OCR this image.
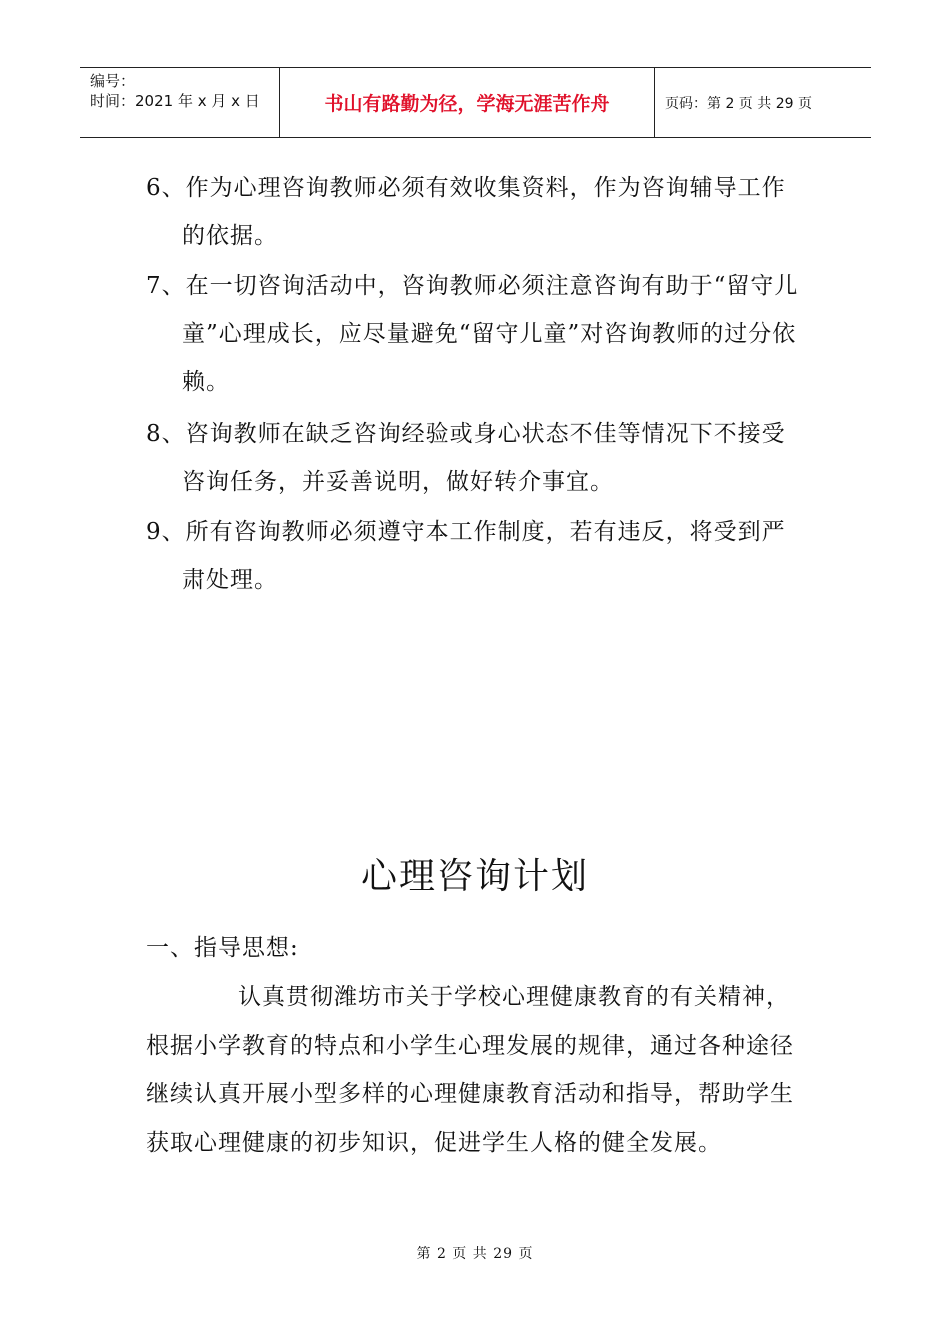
编号：
时间：2021 年 x 月 x 日	书山有路勤为径，学海无涯苦作舟	页码：第 2 页 共 29 页
6、作为心理咨询教师必须有效收集资料，作为咨询辅导工作的依据。
7、在一切咨询活动中，咨询教师必须注意咨询有助于“留守儿童”心理成长，应尽量避免“留守儿童”对咨询教师的过分依赖。
8、咨询教师在缺乏咨询经验或身心状态不佳等情况下不接受咨询任务，并妥善说明，做好转介事宜。
9、所有咨询教师必须遵守本工作制度，若有违反，将受到严肃处理。
心理咨询计划
一、指导思想:
认真贯彻潍坊市关于学校心理健康教育的有关精神，根据小学教育的特点和小学生心理发展的规律，通过各种途径继续认真开展小型多样的心理健康教育活动和指导，帮助学生获取心理健康的初步知识，促进学生人格的健全发展。
第 2 页 共 29 页
